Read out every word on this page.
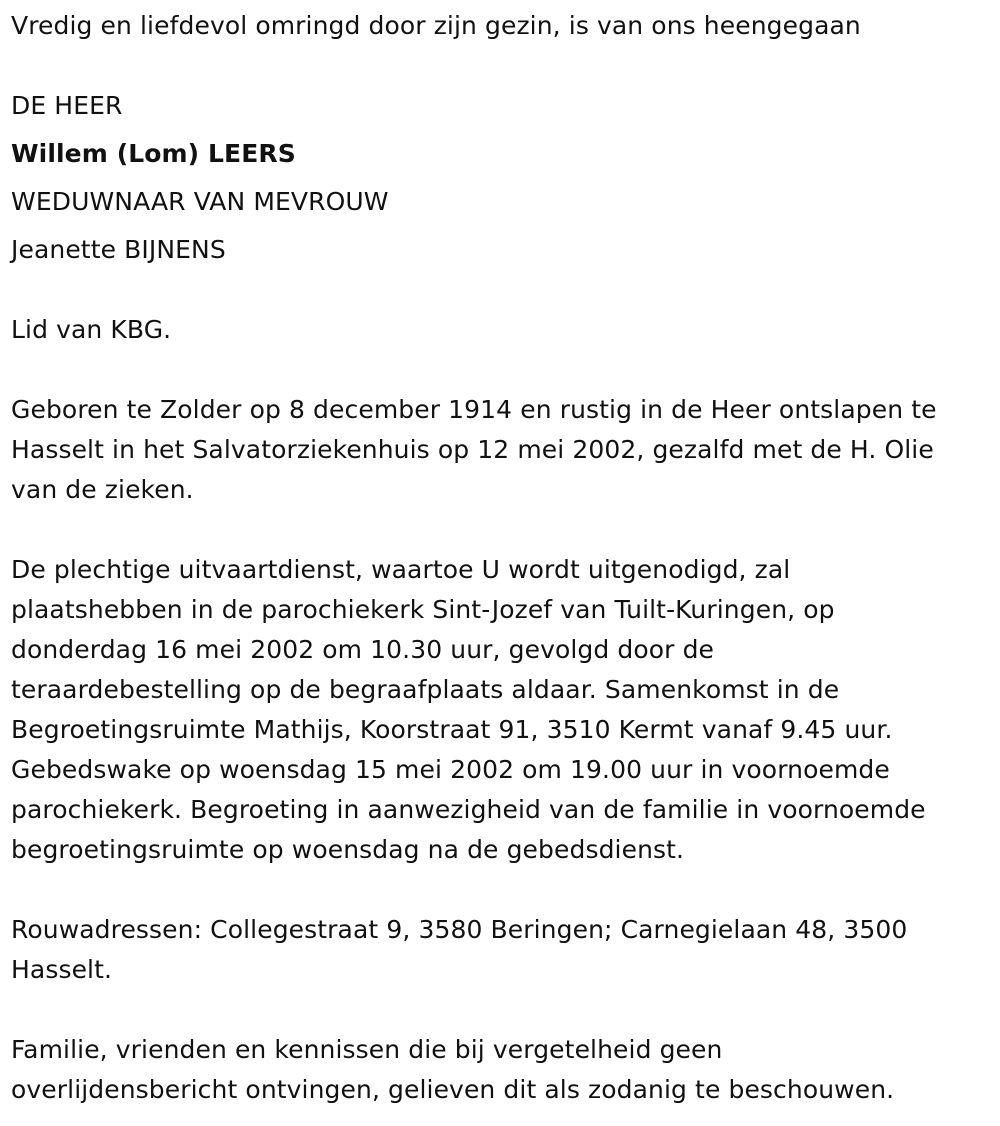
Vredig en liefdevol omringd door zijn gezin, is van ons heengegaan
DE HEER
Willem (Lom) LEERS
WEDUWNAAR VAN MEVROUW
Jeanette BIJNENS
Lid van KBG.
Geboren te Zolder op 8 december 1914 en rustig in de Heer ontslapen te
Hasselt in het Salvatorziekenhuis op 12 mei 2002, gezalfd met de H. Olie
van de zieken.
De plechtige uitvaartdienst, waartoe U wordt uitgenodigd, zal
plaatshebben in de parochiekerk Sint-Jozef van Tuilt-Kuringen, op
donderdag 16 mei 2002 om 10.30 uur, gevolgd door de
teraardebestelling op de begraafplaats aldaar. Samenkomst in de
Begroetingsruimte Mathijs, Koorstraat 91, 3510 Kermt vanaf 9.45 uur.
Gebedswake op woensdag 15 mei 2002 om 19.00 uur in voornoemde
parochiekerk. Begroeting in aanwezigheid van de familie in voornoemde
begroetingsruimte op woensdag na de gebedsdienst.
Rouwadressen: Collegestraat 9, 3580 Beringen; Carnegielaan 48, 3500
Hasselt.
Familie, vrienden en kennissen die bij vergetelheid geen
overlijdensbericht ontvingen, gelieven dit als zodanig te beschouwen.
